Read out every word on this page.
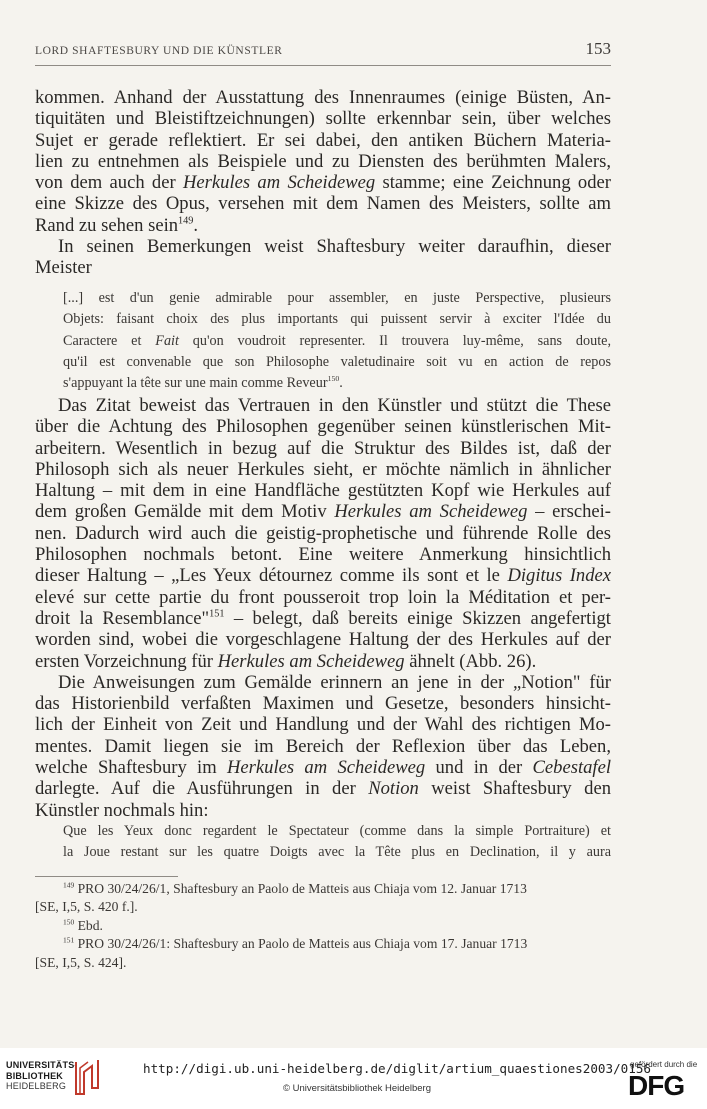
LORD SHAFTESBURY UND DIE KÜNSTLER	153
kommen. Anhand der Ausstattung des Innenraumes (einige Büsten, An-
tiquitäten und Bleistiftzeichnungen) sollte erkennbar sein, über welches
Sujet er gerade reflektiert. Er sei dabei, den antiken Büchern Materia-
lien zu entnehmen als Beispiele und zu Diensten des berühmten Malers,
von dem auch der Herkules am Scheideweg stamme; eine Zeichnung oder
eine Skizze des Opus, versehen mit dem Namen des Meisters, sollte am
Rand zu sehen sein$^{149}$.
In seinen Bemerkungen weist Shaftesbury weiter daraufhin, dieser
Meister
[...] est d'un genie admirable pour assembler, en juste Perspective, plusieurs
Objets: faisant choix des plus importants qui puissent servir à exciter l'Idée du
Caractere et Fait qu'on voudroit representer. Il trouvera luy-même, sans doute,
qu'il est convenable que son Philosophe valetudinaire soit vu en action de repos
s'appuyant la tête sur une main comme Reveur$^{150}$.
Das Zitat beweist das Vertrauen in den Künstler und stützt die These
über die Achtung des Philosophen gegenüber seinen künstlerischen Mit-
arbeitern. Wesentlich in bezug auf die Struktur des Bildes ist, daß der
Philosoph sich als neuer Herkules sieht, er möchte nämlich in ähnlicher
Haltung – mit dem in eine Handfläche gestützten Kopf wie Herkules auf
dem großen Gemälde mit dem Motiv Herkules am Scheideweg – erschei-
nen. Dadurch wird auch die geistig-prophetische und führende Rolle des
Philosophen nochmals betont. Eine weitere Anmerkung hinsichtlich
dieser Haltung – „Les Yeux détournez comme ils sont et le Digitus Index
elevé sur cette partie du front pousseroit trop loin la Méditation et per-
droit la Resemblance"$^{151}$ – belegt, daß bereits einige Skizzen angefertigt
worden sind, wobei die vorgeschlagene Haltung der des Herkules auf der
ersten Vorzeichnung für Herkules am Scheideweg ähnelt (Abb. 26).
Die Anweisungen zum Gemälde erinnern an jene in der „Notion" für
das Historienbild verfaßten Maximen und Gesetze, besonders hinsicht-
lich der Einheit von Zeit und Handlung und der Wahl des richtigen Mo-
mentes. Damit liegen sie im Bereich der Reflexion über das Leben,
welche Shaftesbury im Herkules am Scheideweg und in der Cebestafel
darlegte. Auf die Ausführungen in der Notion weist Shaftesbury den
Künstler nochmals hin:
Que les Yeux donc regardent le Spectateur (comme dans la simple Portraiture) et
la Joue restant sur les quatre Doigts avec la Tête plus en Declination, il y aura
$^{149}$ PRO 30/24/26/1, Shaftesbury an Paolo de Matteis aus Chiaja vom 12. Januar 1713
[SE, I,5, S. 420 f.].
$^{150}$ Ebd.
$^{151}$ PRO 30/24/26/1: Shaftesbury an Paolo de Matteis aus Chiaja vom 17. Januar 1713
[SE, I,5, S. 424].
UNIVERSITÄTS-
BIBLIOTHEK
HEIDELBERG
http://digi.ub.uni-heidelberg.de/diglit/artium_quaestiones2003/0156
© Universitätsbibliothek Heidelberg
gefördert durch die
DFG
